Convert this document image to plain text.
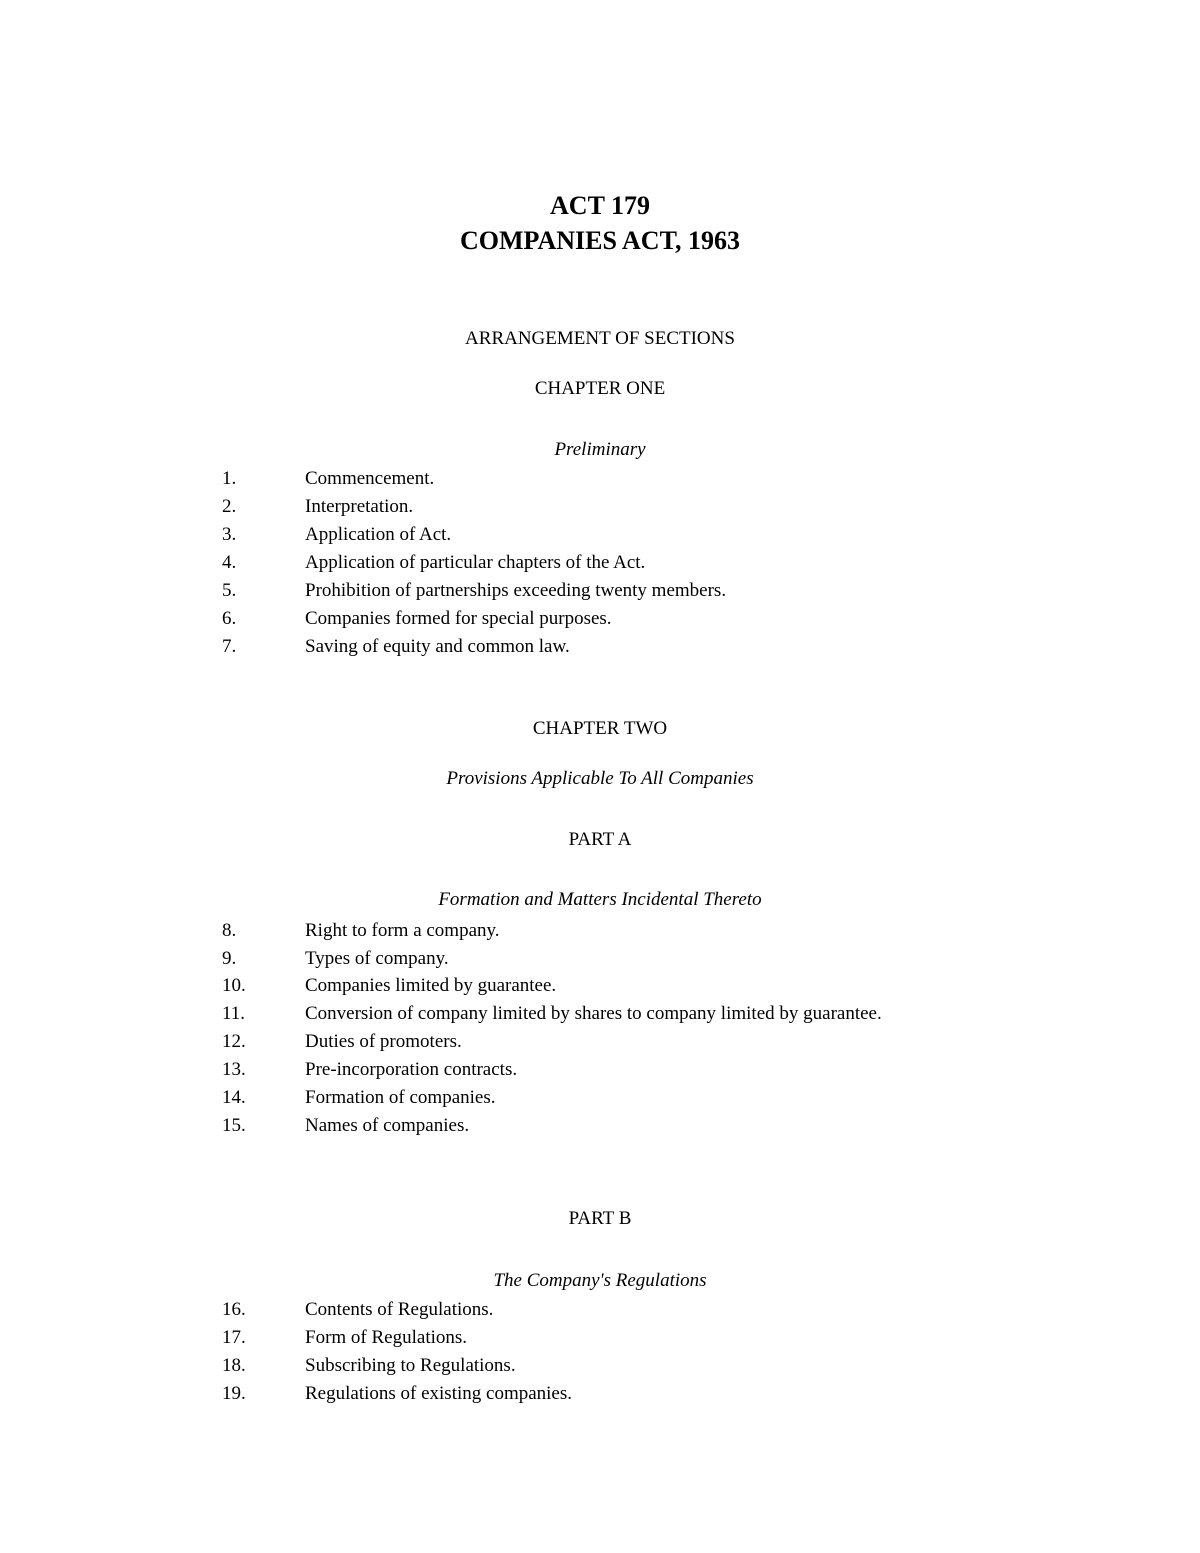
ACT 179
COMPANIES ACT, 1963
ARRANGEMENT OF SECTIONS
CHAPTER ONE
Preliminary
1.	Commencement.
2.	Interpretation.
3.	Application of Act.
4.	Application of particular chapters of the Act.
5.	Prohibition of partnerships exceeding twenty members.
6.	Companies formed for special purposes.
7.	Saving of equity and common law.
CHAPTER TWO
Provisions Applicable To All Companies
PART A
Formation and Matters Incidental Thereto
8.	Right to form a company.
9.	Types of company.
10.	Companies limited by guarantee.
11.	Conversion of company limited by shares to company limited by guarantee.
12.	Duties of promoters.
13.	Pre-incorporation contracts.
14.	Formation of companies.
15.	Names of companies.
PART B
The Company's Regulations
16.	Contents of Regulations.
17.	Form of Regulations.
18.	Subscribing to Regulations.
19.	Regulations of existing companies.
